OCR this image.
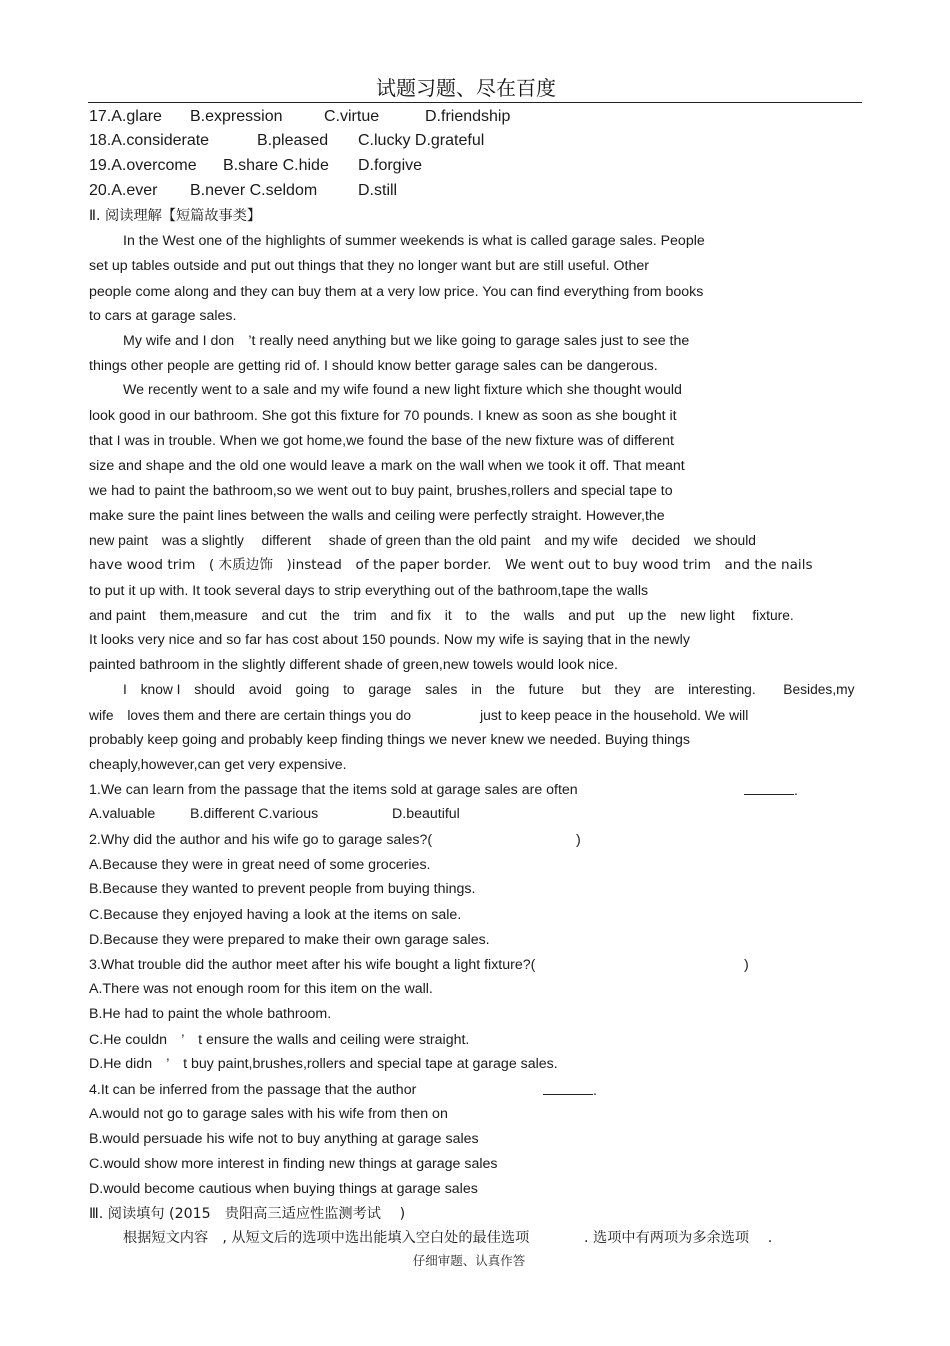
试题习题、尽在百度
17.A.glare B.expression	C.virtue	D.friendship
18.A.considerate	B.pleased C.lucky D.grateful
19.A.overcome B.share C.hide D.forgive
20.A.ever B.never C.seldom	D.still
Ⅱ. 阅读理解【短篇故事类】
In the West one of the highlights of summer weekends is what is called garage sales. People
set up tables outside and put out things that they no longer want but are still useful. Other
people come along and they can buy them at a very low price. You can find everything from books
to cars at garage sales.
My wife and I don　’t really need anything but we like going to garage sales just to see the
things other people are getting rid of. I should know better garage sales can be dangerous.
We recently went to a sale and my wife found a new light fixture which she thought would
look good in our bathroom. She got this fixture for 70 pounds. I knew as soon as she bought it
that I was in trouble. When we got home,we found the base of the new fixture was of different
size and shape and the old one would leave a mark on the wall when we took it off. That meant
we had to paint the bathroom,so we went out to buy paint, brushes,rollers and special tape to
make sure the paint lines between the walls and ceiling were perfectly straight. However,the
new paint　was a slightly　 different　 shade of green than the old paint　and my wife　decided　we should
have wood trim　( 木质边饰　)instead　of the paper border.　We went out to buy wood trim　and the nails
to put it up with. It took several days to strip everything out of the bathroom,tape the walls
and paint　them,measure　and cut　the　trim　and fix　it　to　the　walls　and put　up the　new light　 fixture.
It looks very nice and so far has cost about 150 pounds. Now my wife is saying that in the newly
painted bathroom in the slightly different shade of green,new towels would look nice.
I　know I　should　avoid　going　to　garage　sales　in　the　future　 but　they　are　interesting.　　Besides,my
wife　loves them and there are certain things you do　　　　　just to keep peace in the household. We will
probably keep going and probably keep finding things we never knew we needed. Buying things
cheaply,however,can get very expensive.
1.We can learn from the passage that the items sold at garage sales are often	.
A.valuable B.different C.various	D.beautiful
2.Why did the author and his wife go to garage sales?(	)
A.Because they were in great need of some groceries.
B.Because they wanted to prevent people from buying things.
C.Because they enjoyed having a look at the items on sale.
D.Because they were prepared to make their own garage sales.
3.What trouble did the author meet after his wife bought a light fixture?(	)
A.There was not enough room for this item on the wall.
B.He had to paint the whole bathroom.
C.He couldn　’　t ensure the walls and ceiling were straight.
D.He didn　’　t buy paint,brushes,rollers and special tape at garage sales.
4.It can be inferred from the passage that the author	.
A.would not go to garage sales with his wife from then on
B.would persuade his wife not to buy anything at garage sales
C.would show more interest in finding new things at garage sales
D.would become cautious when buying things at garage sales
Ⅲ. 阅读填句 (2015　贵阳高三适应性监测考试　 )
根据短文内容　, 从短文后的选项中选出能填入空白处的最佳选项	. 选项中有两项为多余选项　 .
仔细审题、认真作答
